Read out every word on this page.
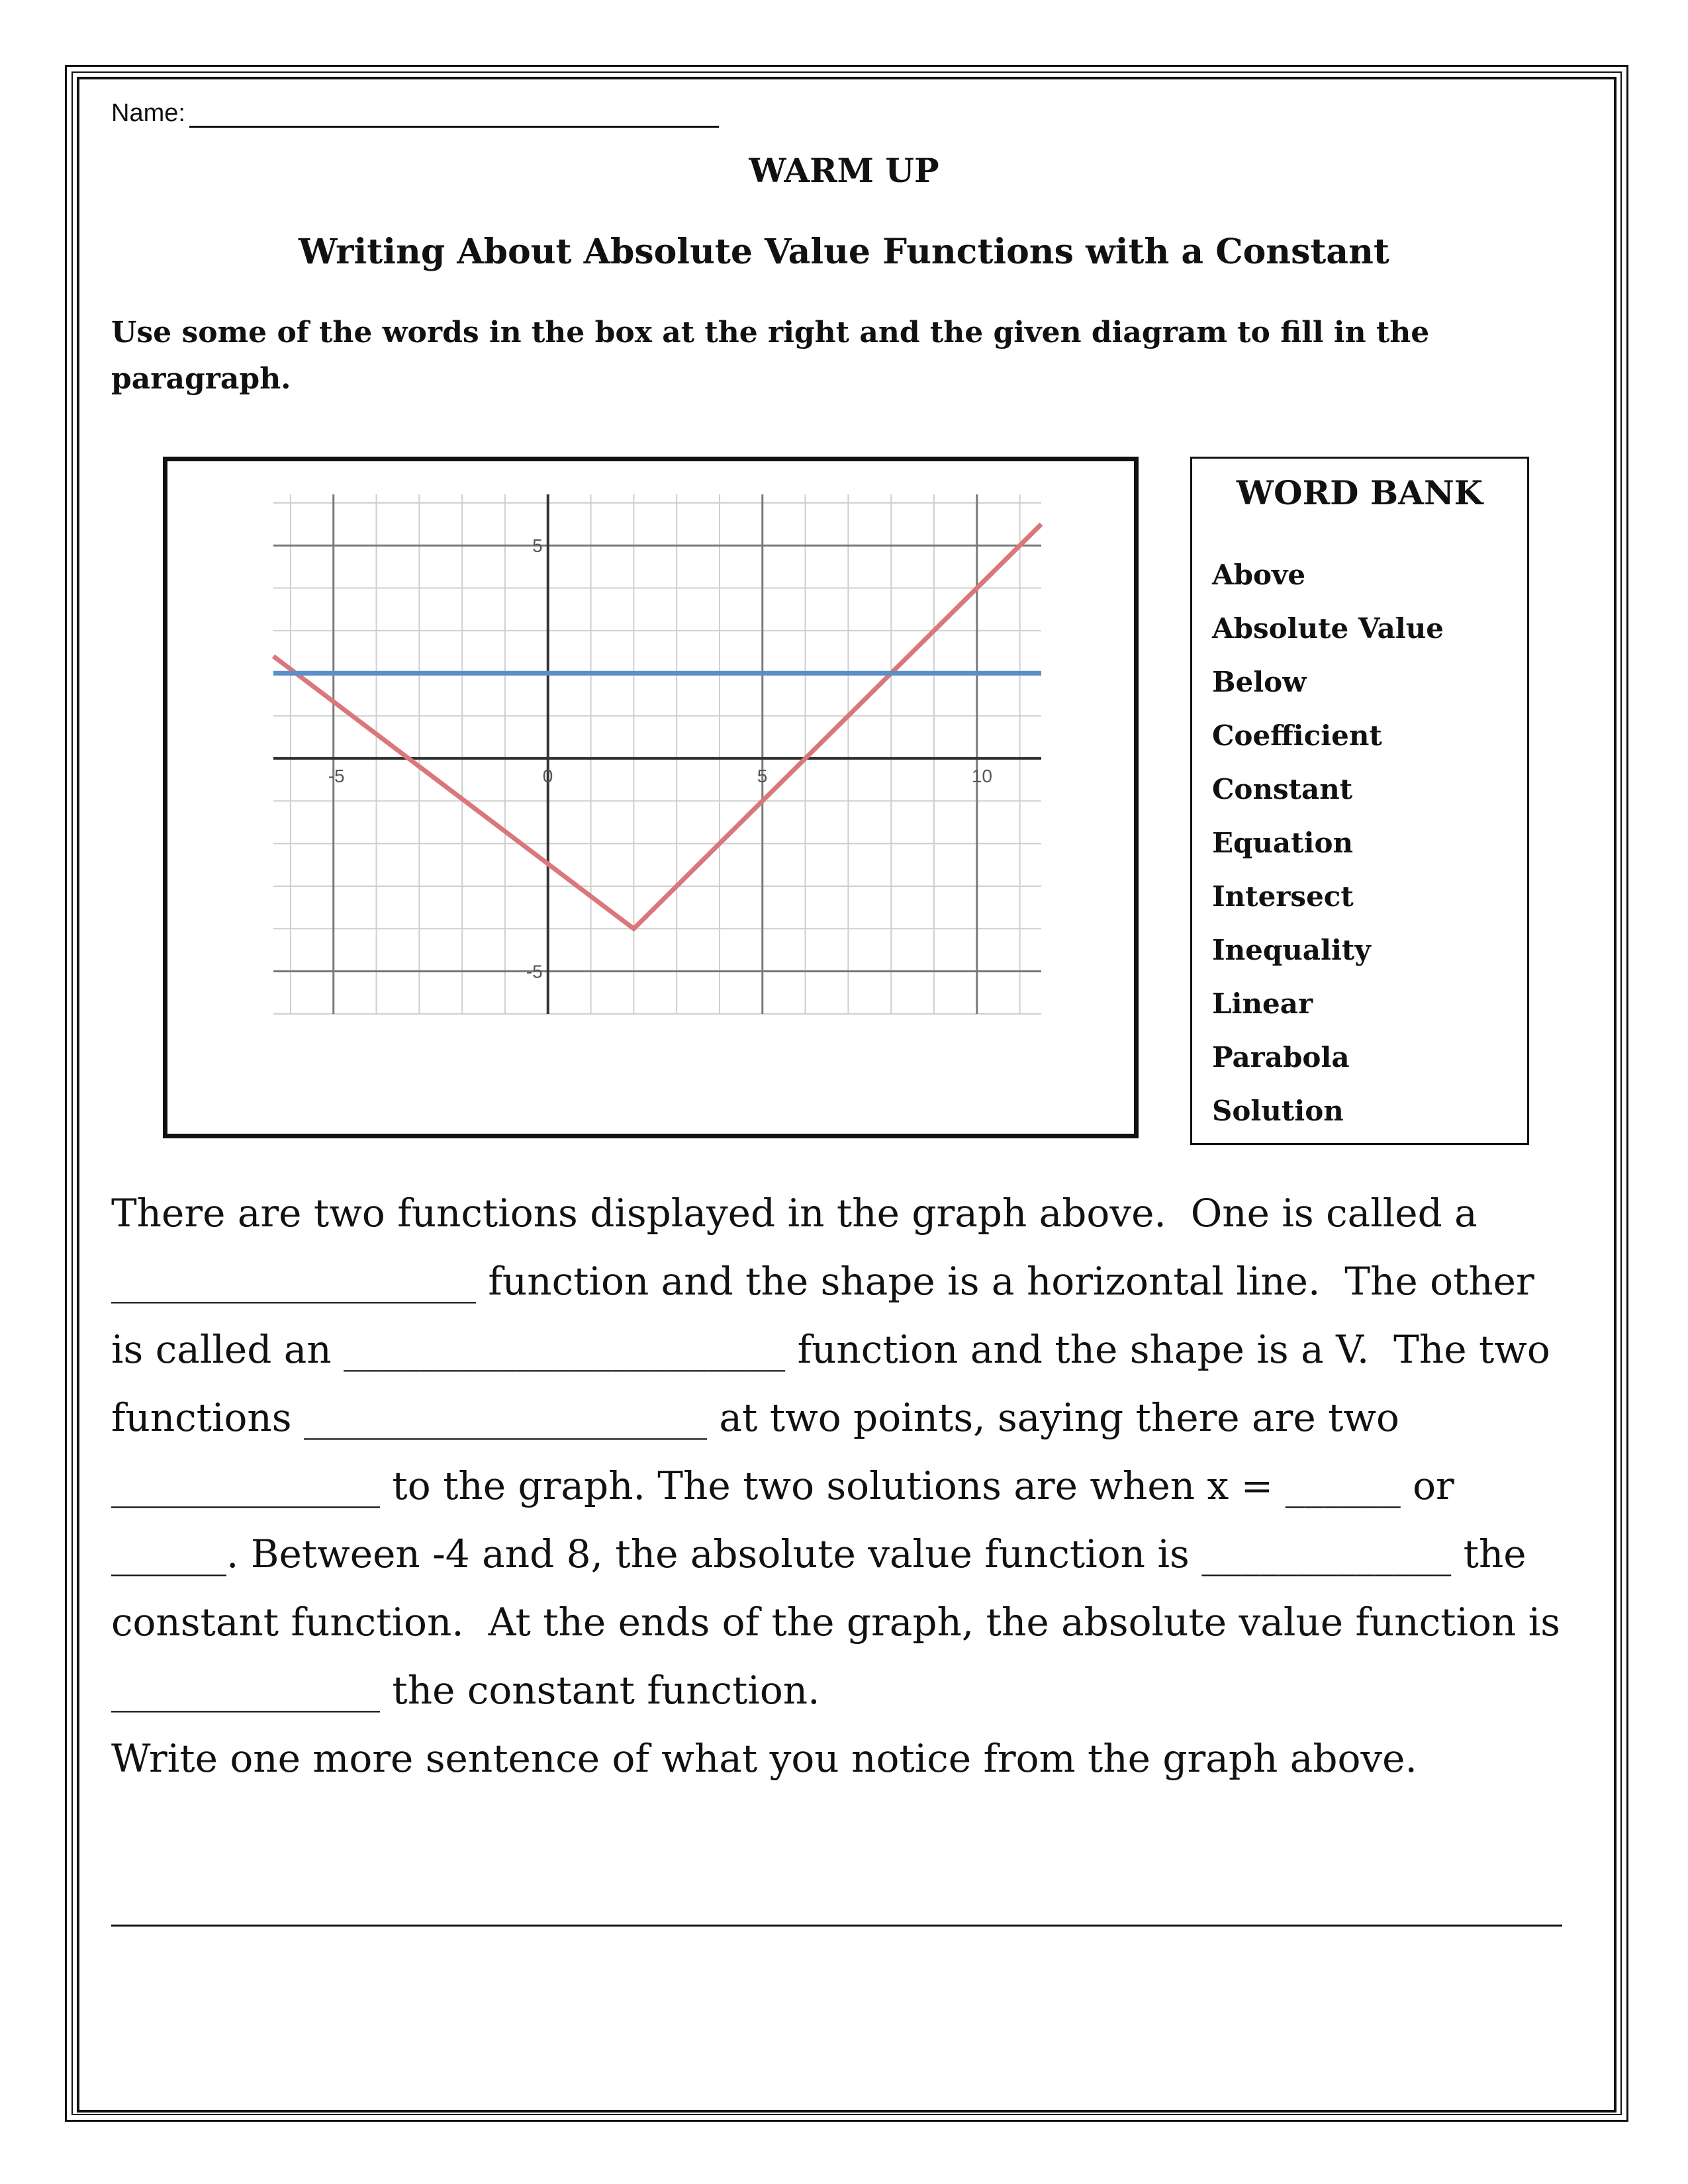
Name:
WARM UP
Writing About Absolute Value Functions with a Constant
Use some of the words in the box at the right and the given diagram to fill in the paragraph.
-5	0	5	10
5
-5
WORD BANK
Above
Absolute Value
Below
Coefficient
Constant
Equation
Intersect
Inequality
Linear
Parabola
Solution
There are two functions displayed in the graph above.  One is called a
___________________ function and the shape is a horizontal line.  The other
is called an _______________________ function and the shape is a V.  The two
functions _____________________ at two points, saying there are two
______________ to the graph. The two solutions are when x = ______ or
______. Between -4 and 8, the absolute value function is _____________ the
constant function.  At the ends of the graph, the absolute value function is
______________ the constant function.
Write one more sentence of what you notice from the graph above.
